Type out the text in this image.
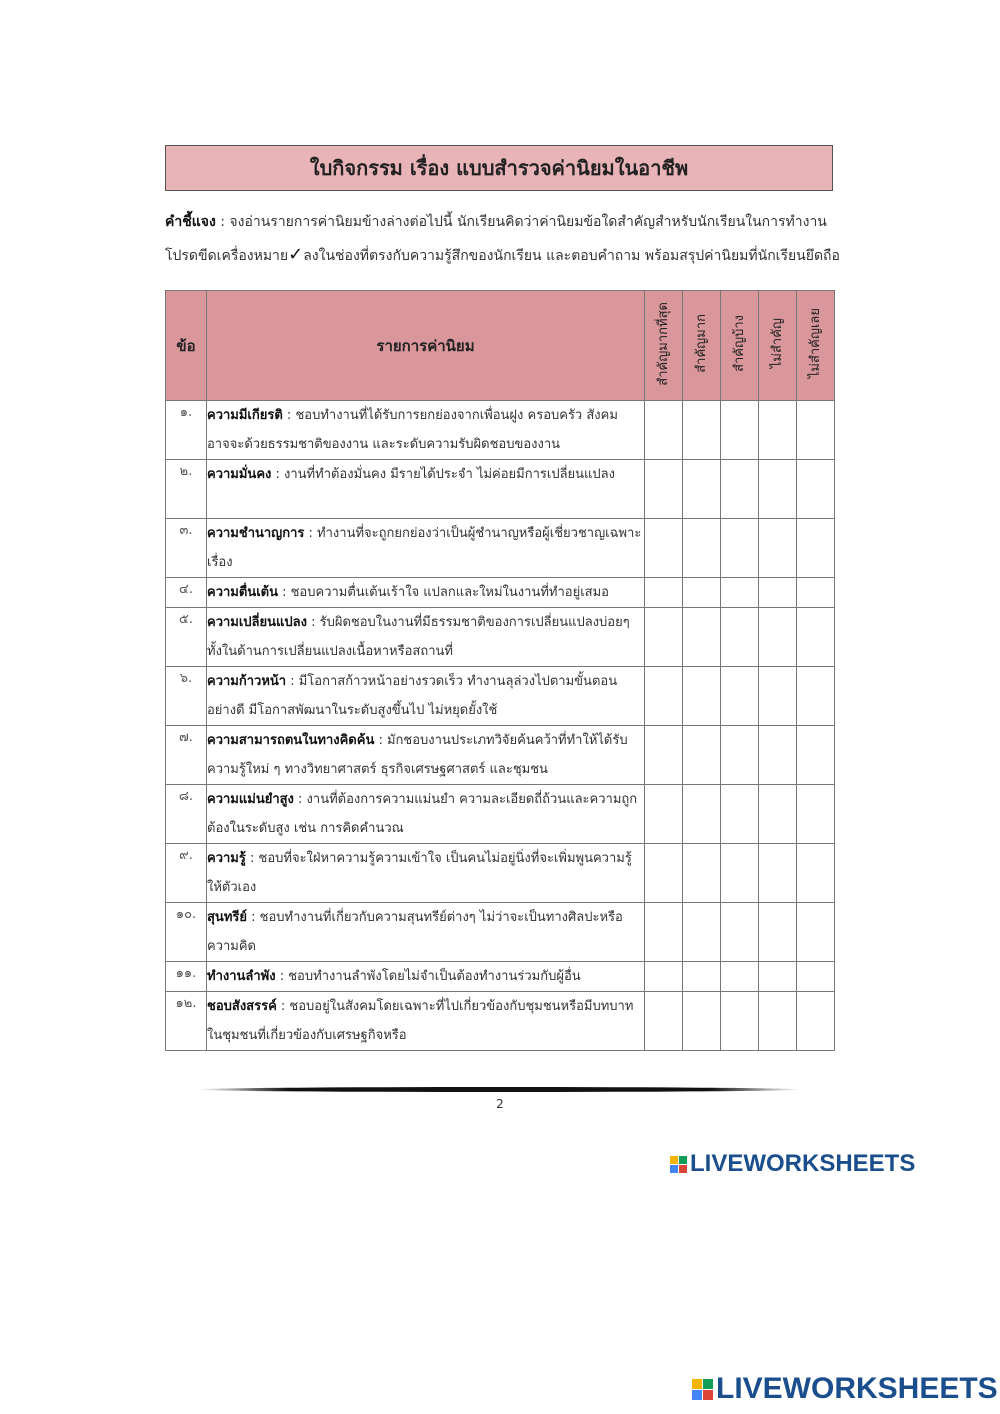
ใบกิจกรรม เรื่อง แบบสำรวจค่านิยมในอาชีพ
คำชี้แจง : จงอ่านรายการค่านิยมข้างล่างต่อไปนี้ นักเรียนคิดว่าค่านิยมข้อใดสำคัญสำหรับนักเรียนในการทำงาน
โปรดขีดเครื่องหมาย✓ลงในช่องที่ตรงกับความรู้สึกของนักเรียน และตอบคำถาม พร้อมสรุปค่านิยมที่นักเรียนยึดถือ
ข้อ	รายการค่านิยม	สำคัญมากที่สุด	สำคัญมาก	สำคัญบ้าง	ไม่สำคัญ	ไม่สำคัญเลย
๑.	ความมีเกียรติ : ชอบทำงานที่ได้รับการยกย่องจากเพื่อนฝูง ครอบครัว สังคม อาจจะด้วยธรรมชาติของงาน และระดับความรับผิดชอบของงาน					
๒.	ความมั่นคง : งานที่ทำต้องมั่นคง มีรายได้ประจำ ไม่ค่อยมีการเปลี่ยนแปลง					
๓.	ความชำนาญการ : ทำงานที่จะถูกยกย่องว่าเป็นผู้ชำนาญหรือผู้เชี่ยวชาญเฉพาะเรื่อง					
๔.	ความตื่นเต้น : ชอบความตื่นเต้นเร้าใจ แปลกและใหม่ในงานที่ทำอยู่เสมอ					
๕.	ความเปลี่ยนแปลง : รับผิดชอบในงานที่มีธรรมชาติของการเปลี่ยนแปลงบ่อยๆ ทั้งในด้านการเปลี่ยนแปลงเนื้อหาหรือสถานที่					
๖.	ความก้าวหน้า : มีโอกาสก้าวหน้าอย่างรวดเร็ว ทำงานลุล่วงไปตามขั้นตอนอย่างดี มีโอกาสพัฒนาในระดับสูงขึ้นไป ไม่หยุดยั้งใช้					
๗.	ความสามารถตนในทางคิดค้น : มักชอบงานประเภทวิจัยค้นคว้าที่ทำให้ได้รับความรู้ใหม่ ๆ ทางวิทยาศาสตร์ ธุรกิจเศรษฐศาสตร์ และชุมชน					
๘.	ความแม่นยำสูง : งานที่ต้องการความแม่นยำ ความละเอียดถี่ถ้วนและความถูกต้องในระดับสูง เช่น การคิดคำนวณ					
๙.	ความรู้ : ชอบที่จะใฝ่หาความรู้ความเข้าใจ เป็นคนไม่อยู่นิ่งที่จะเพิ่มพูนความรู้ให้ตัวเอง					
๑๐.	สุนทรีย์ : ชอบทำงานที่เกี่ยวกับความสุนทรีย์ต่างๆ ไม่ว่าจะเป็นทางศิลปะหรือความคิด					
๑๑.	ทำงานลำพัง : ชอบทำงานลำพังโดยไม่จำเป็นต้องทำงานร่วมกับผู้อื่น					
๑๒.	ชอบสังสรรค์ : ชอบอยู่ในสังคมโดยเฉพาะที่ไปเกี่ยวข้องกับชุมชนหรือมีบทบาทในชุมชนที่เกี่ยวข้องกับเศรษฐกิจหรือ					
2
LIVEWORKSHEETS
LIVEWORKSHEETS
